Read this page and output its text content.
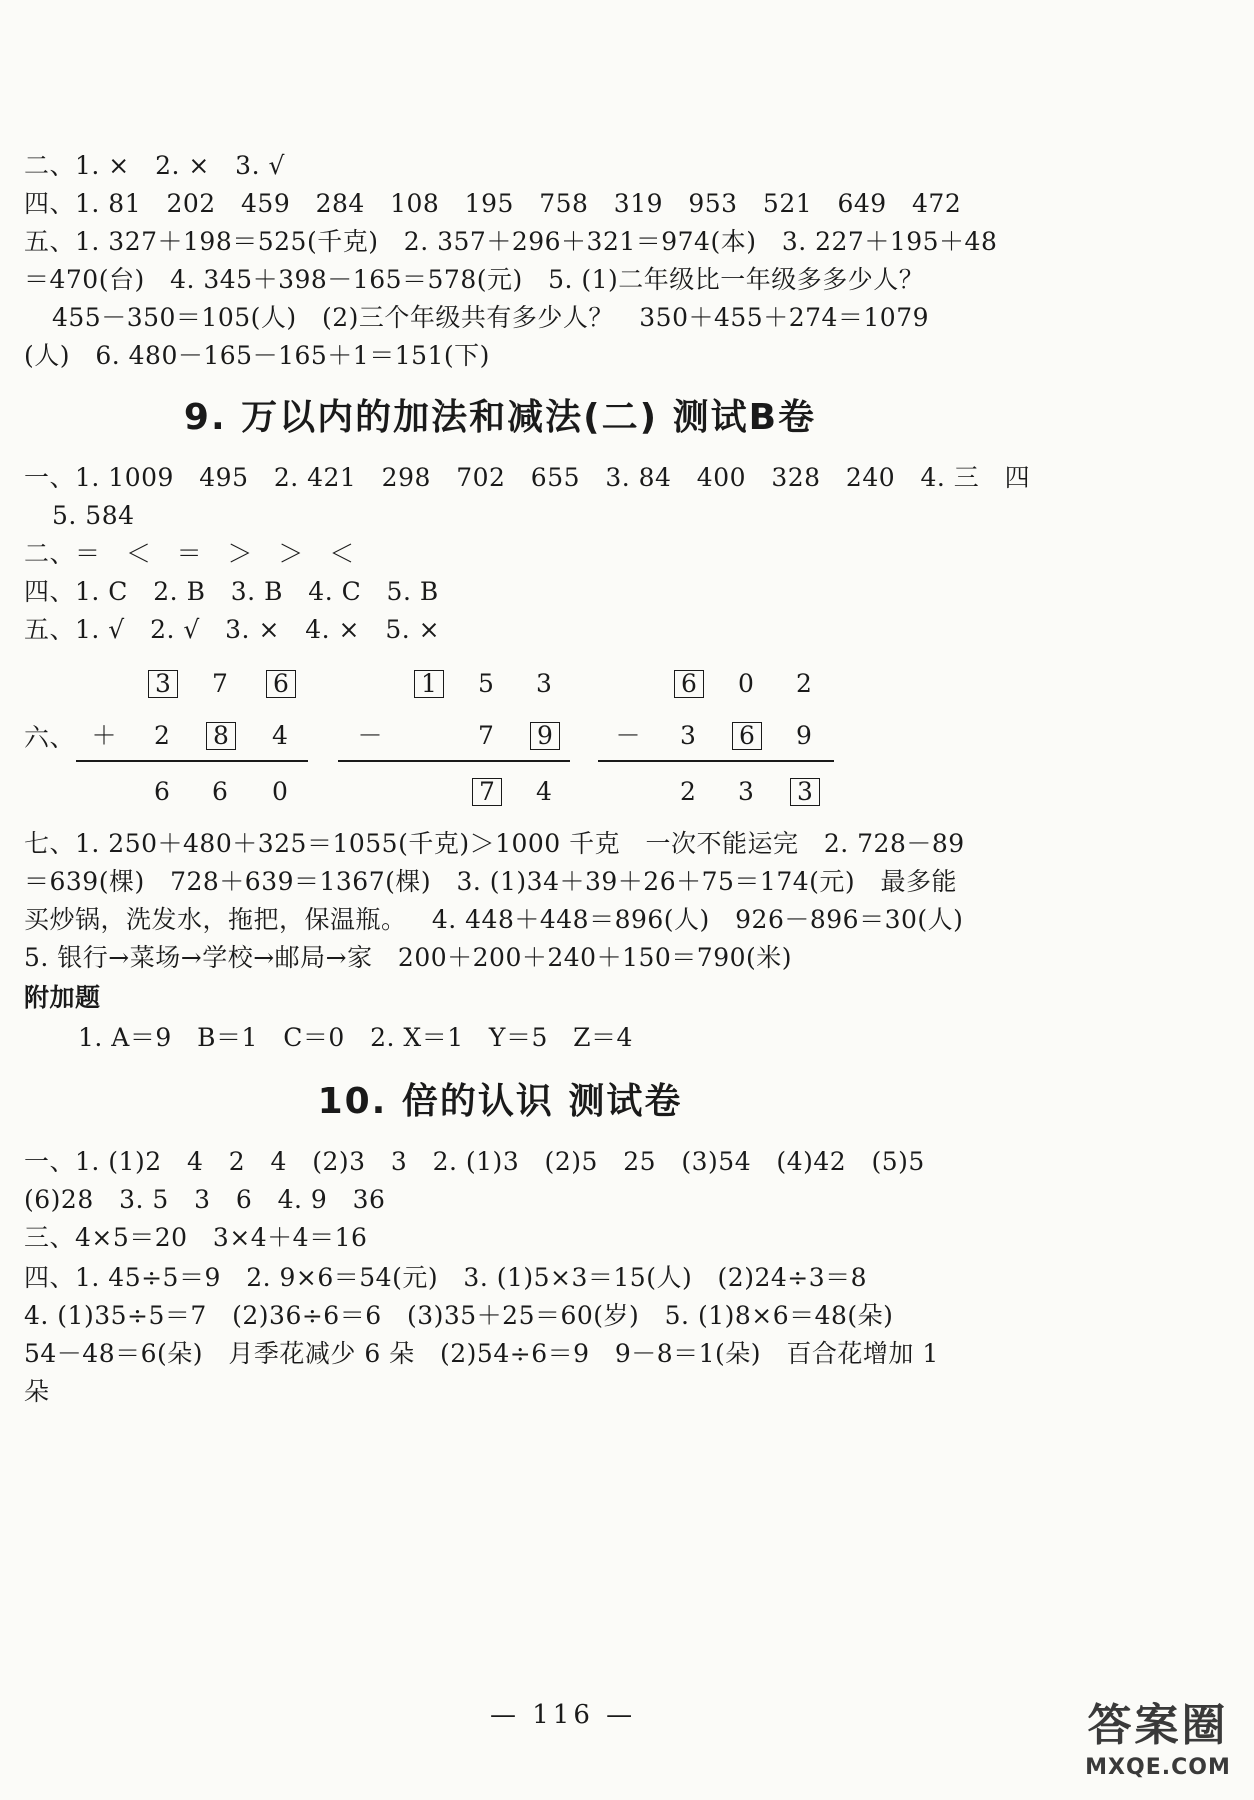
二、1. ×   2. ×   3. √
四、1. 81   202   459   284   108   195   758   319   953   521   649   472
五、1. 327＋198＝525(千克)   2. 357＋296＋321＝974(本)   3. 227＋195＋48
＝470(台)   4. 345＋398－165＝578(元)   5. (1)二年级比一年级多多少人？
455－350＝105(人)   (2)三个年级共有多少人？   350＋455＋274＝1079
(人)   6. 480－165－165＋1＝151(下)
9. 万以内的加法和减法(二) 测试B卷
一、1. 1009   495   2. 421   298   702   655   3. 84   400   328   240   4. 三   四
5. 584
二、＝   ＜   ＝   ＞   ＞   ＜
四、1. C   2. B   3. B   4. C   5. B
五、1. √   2. √   3. ×   4. ×   5. ×
六、
3 7 6
＋ 2 8 4
6 6 0
1 5 3
－	7 9
7 4
6 0 2
－ 3 6 9
2 3 3
七、1. 250＋480＋325＝1055(千克)＞1000 千克   一次不能运完   2. 728－89
＝639(棵)   728＋639＝1367(棵)   3. (1)34＋39＋26＋75＝174(元)   最多能
买炒锅，洗发水，拖把，保温瓶。   4. 448＋448＝896(人)   926－896＝30(人)
5. 银行→菜场→学校→邮局→家   200＋200＋240＋150＝790(米)
附加题
1. A＝9   B＝1   C＝0   2. X＝1   Y＝5   Z＝4
10. 倍的认识 测试卷
一、1. (1)2   4   2   4   (2)3   3   2. (1)3   (2)5   25   (3)54   (4)42   (5)5
(6)28   3. 5   3   6   4. 9   36
三、4×5＝20   3×4＋4＝16
四、1. 45÷5＝9   2. 9×6＝54(元)   3. (1)5×3＝15(人)   (2)24÷3＝8
4. (1)35÷5＝7   (2)36÷6＝6   (3)35＋25＝60(岁)   5. (1)8×6＝48(朵)
54－48＝6(朵)   月季花减少 6 朵   (2)54÷6＝9   9－8＝1(朵)   百合花增加 1
朵
— 116 —	答案圈
MXQE.COM
